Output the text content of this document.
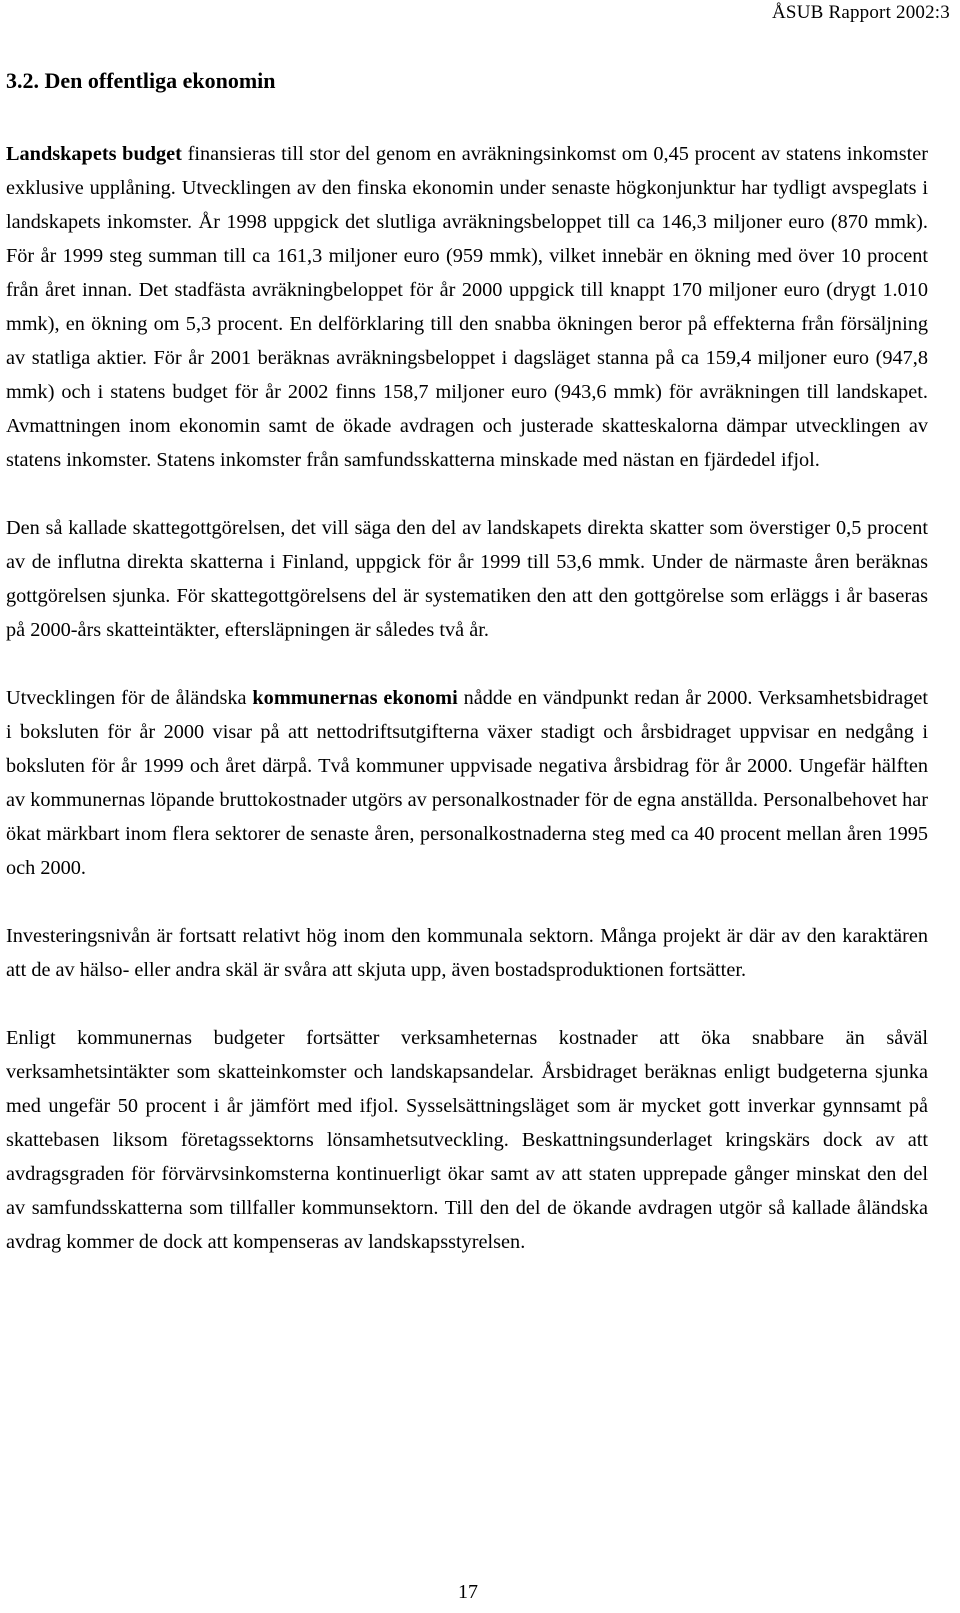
ÅSUB Rapport 2002:3
3.2. Den offentliga ekonomin

Landskapets budget finansieras till stor del genom en avräkningsinkomst om 0,45 procent av statens inkomster exklusive upplåning. Utvecklingen av den finska ekonomin under senaste högkonjunktur har tydligt avspeglats i landskapets inkomster. År 1998 uppgick det slutliga avräkningsbeloppet till ca 146,3 miljoner euro (870 mmk). För år 1999 steg summan till ca 161,3 miljoner euro (959 mmk), vilket innebär en ökning med över 10 procent från året innan. Det stadfästa avräkningbeloppet för år 2000 uppgick till knappt 170 miljoner euro (drygt 1.010 mmk), en ökning om 5,3 procent. En delförklaring till den snabba ökningen beror på effekterna från försäljning av statliga aktier. För år 2001 beräknas avräkningsbeloppet i dagsläget stanna på ca 159,4 miljoner euro (947,8 mmk) och i statens budget för år 2002 finns 158,7 miljoner euro (943,6 mmk) för avräkningen till landskapet. Avmattningen inom ekonomin samt de ökade avdragen och justerade skatteskalorna dämpar utvecklingen av statens inkomster. Statens inkomster från samfundsskatterna minskade med nästan en fjärdedel ifjol.

Den så kallade skattegottgörelsen, det vill säga den del av landskapets direkta skatter som överstiger 0,5 procent av de influtna direkta skatterna i Finland, uppgick för år 1999 till 53,6 mmk. Under de närmaste åren beräknas gottgörelsen sjunka. För skattegottgörelsens del är systematiken den att den gottgörelse som erläggs i år baseras på 2000-års skatteintäkter, eftersläpningen är således två år.

Utvecklingen för de åländska kommunernas ekonomi nådde en vändpunkt redan år 2000. Verksamhetsbidraget i boksluten för år 2000 visar på att nettodriftsutgifterna växer stadigt och årsbidraget uppvisar en nedgång i boksluten för år 1999 och året därpå. Två kommuner uppvisade negativa årsbidrag för år 2000. Ungefär hälften av kommunernas löpande bruttokostnader utgörs av personalkostnader för de egna anställda. Personalbehovet har ökat märkbart inom flera sektorer de senaste åren, personalkostnaderna steg med ca 40 procent mellan åren 1995 och 2000.

Investeringsnivån är fortsatt relativt hög inom den kommunala sektorn. Många projekt är där av den karaktären att de av hälso- eller andra skäl är svåra att skjuta upp, även bostadsproduktionen fortsätter.

Enligt kommunernas budgeter fortsätter verksamheternas kostnader att öka snabbare än såväl verksamhetsintäkter som skatteinkomster och landskapsandelar. Årsbidraget beräknas enligt budgeterna sjunka med ungefär 50 procent i år jämfört med ifjol. Sysselsättningsläget som är mycket gott inverkar gynnsamt på skattebasen liksom företagssektorns lönsamhetsutveckling. Beskattningsunderlaget kringskärs dock av att avdragsgraden för förvärvsinkomsterna kontinuerligt ökar samt av att staten upprepade gånger minskat den del av samfundsskatterna som tillfaller kommunsektorn. Till den del de ökande avdragen utgör så kallade åländska avdrag kommer de dock att kompenseras av landskapsstyrelsen.

17
